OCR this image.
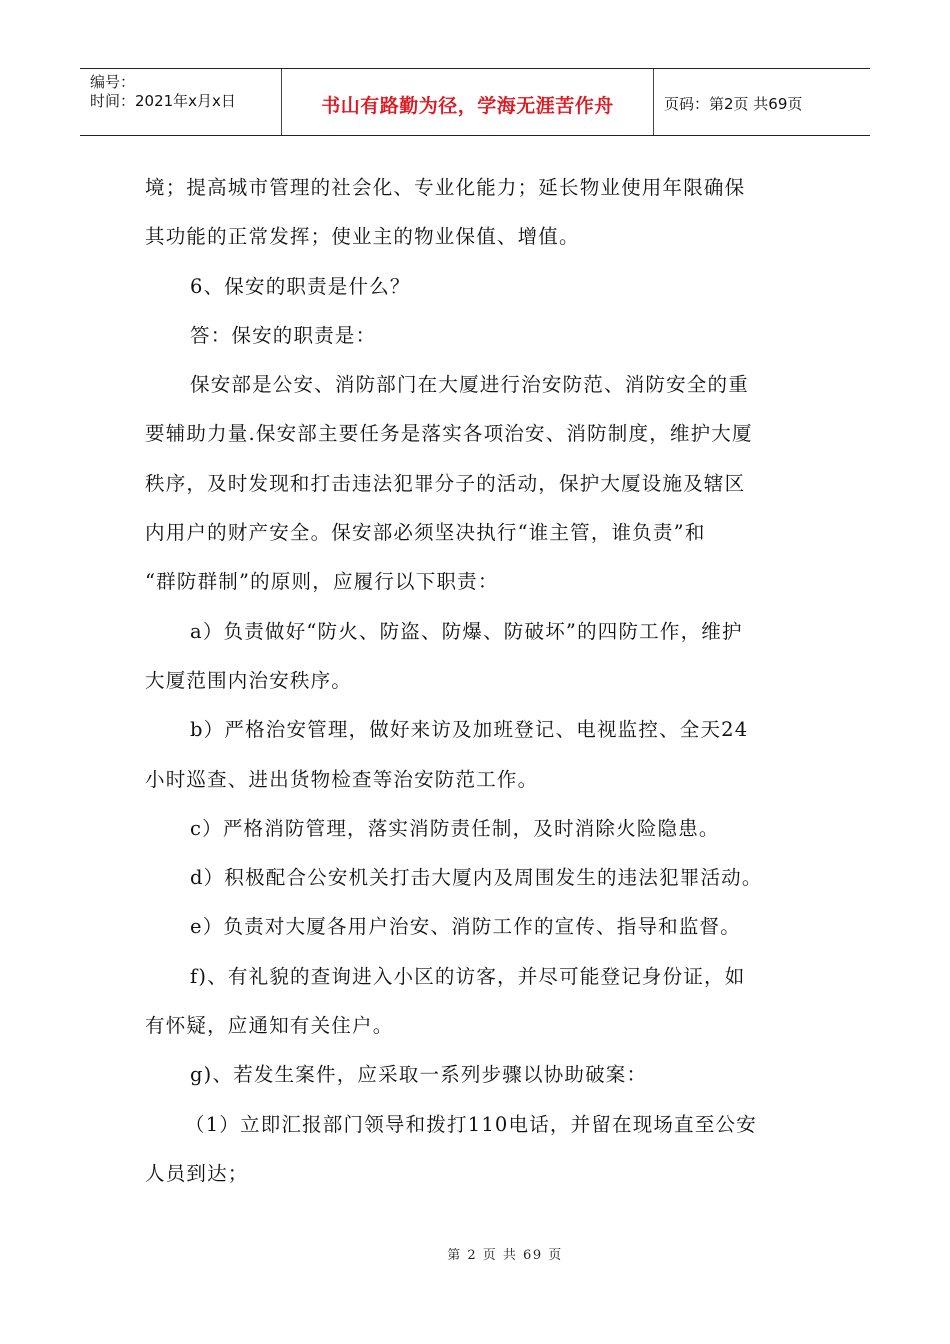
编号：
时间：2021年x月x日	书山有路勤为径，学海无涯苦作舟	页码：第2页 共69页
境；提高城市管理的社会化、专业化能力；延长物业使用年限确保
其功能的正常发挥；使业主的物业保值、增值。
6、保安的职责是什么？
答：保安的职责是：
保安部是公安、消防部门在大厦进行治安防范、消防安全的重
要辅助力量.保安部主要任务是落实各项治安、消防制度，维护大厦
秩序，及时发现和打击违法犯罪分子的活动，保护大厦设施及辖区
内用户的财产安全。保安部必须坚决执行“谁主管，谁负责”和
“群防群制”的原则，应履行以下职责：
a）负责做好“防火、防盗、防爆、防破坏”的四防工作，维护
大厦范围内治安秩序。
b）严格治安管理，做好来访及加班登记、电视监控、全天24
小时巡查、进出货物检查等治安防范工作。
c）严格消防管理，落实消防责任制，及时消除火险隐患。
d）积极配合公安机关打击大厦内及周围发生的违法犯罪活动。
e）负责对大厦各用户治安、消防工作的宣传、指导和监督。
f)、有礼貌的查询进入小区的访客，并尽可能登记身份证，如
有怀疑，应通知有关住户。
g)、若发生案件，应采取一系列步骤以协助破案：
（1）立即汇报部门领导和拨打110电话，并留在现场直至公安
人员到达；
第 2 页 共 69 页
